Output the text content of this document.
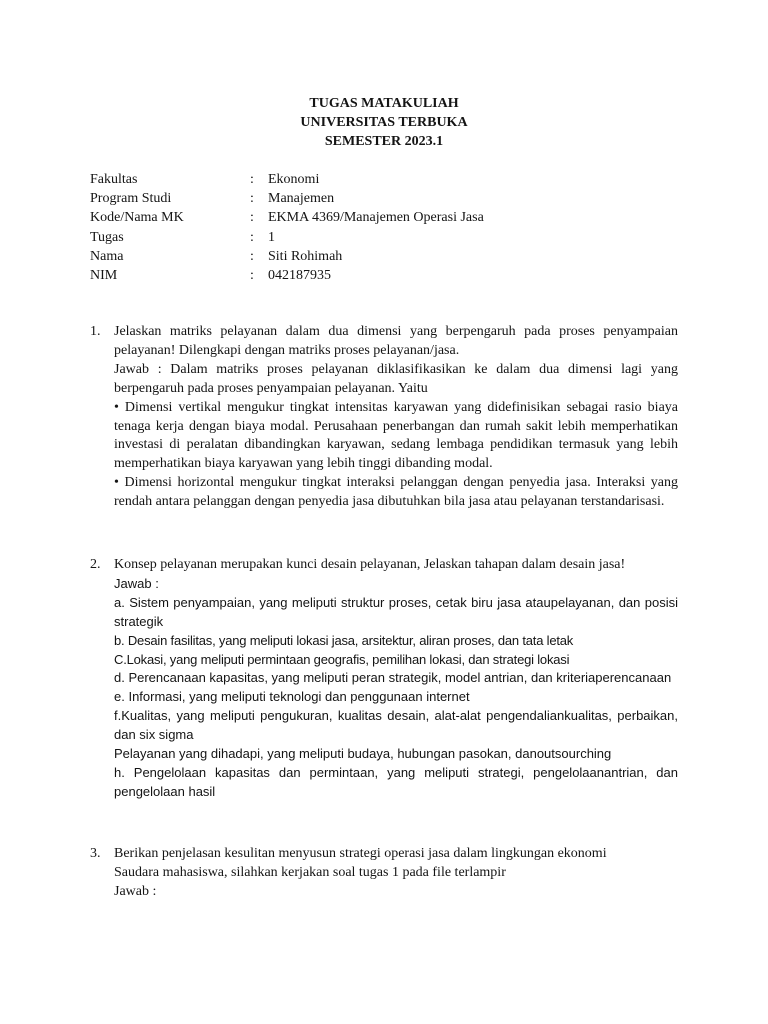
TUGAS MATAKULIAH
UNIVERSITAS TERBUKA
SEMESTER 2023.1
Fakultas	:	Ekonomi
Program Studi	:	Manajemen
Kode/Nama MK	:	EKMA 4369/Manajemen Operasi Jasa
Tugas	:	1
Nama	:	Siti Rohimah
NIM	:	042187935
1. Jelaskan matriks pelayanan dalam dua dimensi yang berpengaruh pada proses penyampaian pelayanan! Dilengkapi dengan matriks proses pelayanan/jasa.

Jawab : Dalam matriks proses pelayanan diklasifikasikan ke dalam dua dimensi lagi yang berpengaruh pada proses penyampaian pelayanan. Yaitu

• Dimensi vertikal mengukur tingkat intensitas karyawan yang didefinisikan sebagai rasio biaya tenaga kerja dengan biaya modal. Perusahaan penerbangan dan rumah sakit lebih memperhatikan investasi di peralatan dibandingkan karyawan, sedang lembaga pendidikan termasuk yang lebih memperhatikan biaya karyawan yang lebih tinggi dibanding modal.

• Dimensi horizontal mengukur tingkat interaksi pelanggan dengan penyedia jasa. Interaksi yang rendah antara pelanggan dengan penyedia jasa dibutuhkan bila jasa atau pelayanan terstandarisasi.

2. Konsep pelayanan merupakan kunci desain pelayanan, Jelaskan tahapan dalam desain jasa!

Jawab :

a. Sistem penyampaian, yang meliputi struktur proses, cetak biru jasa ataupelayanan, dan posisi strategik

b. Desain fasilitas, yang meliputi lokasi jasa, arsitektur, aliran proses, dan tata letak

C.Lokasi, yang meliputi permintaan geografis, pemilihan lokasi, dan strategi lokasi

d. Perencanaan kapasitas, yang meliputi peran strategik, model antrian, dan kriteriaperencanaan

e. Informasi, yang meliputi teknologi dan penggunaan internet

f.Kualitas, yang meliputi pengukuran, kualitas desain, alat-alat pengendaliankualitas, perbaikan, dan six sigma

Pelayanan yang dihadapi, yang meliputi budaya, hubungan pasokan, danoutsourching

h. Pengelolaan kapasitas dan permintaan, yang meliputi strategi, pengelolaanantrian, dan pengelolaan hasil

3. Berikan penjelasan kesulitan menyusun strategi operasi jasa dalam lingkungan ekonomi

Saudara mahasiswa, silahkan kerjakan soal tugas 1 pada file terlampir

Jawab :
